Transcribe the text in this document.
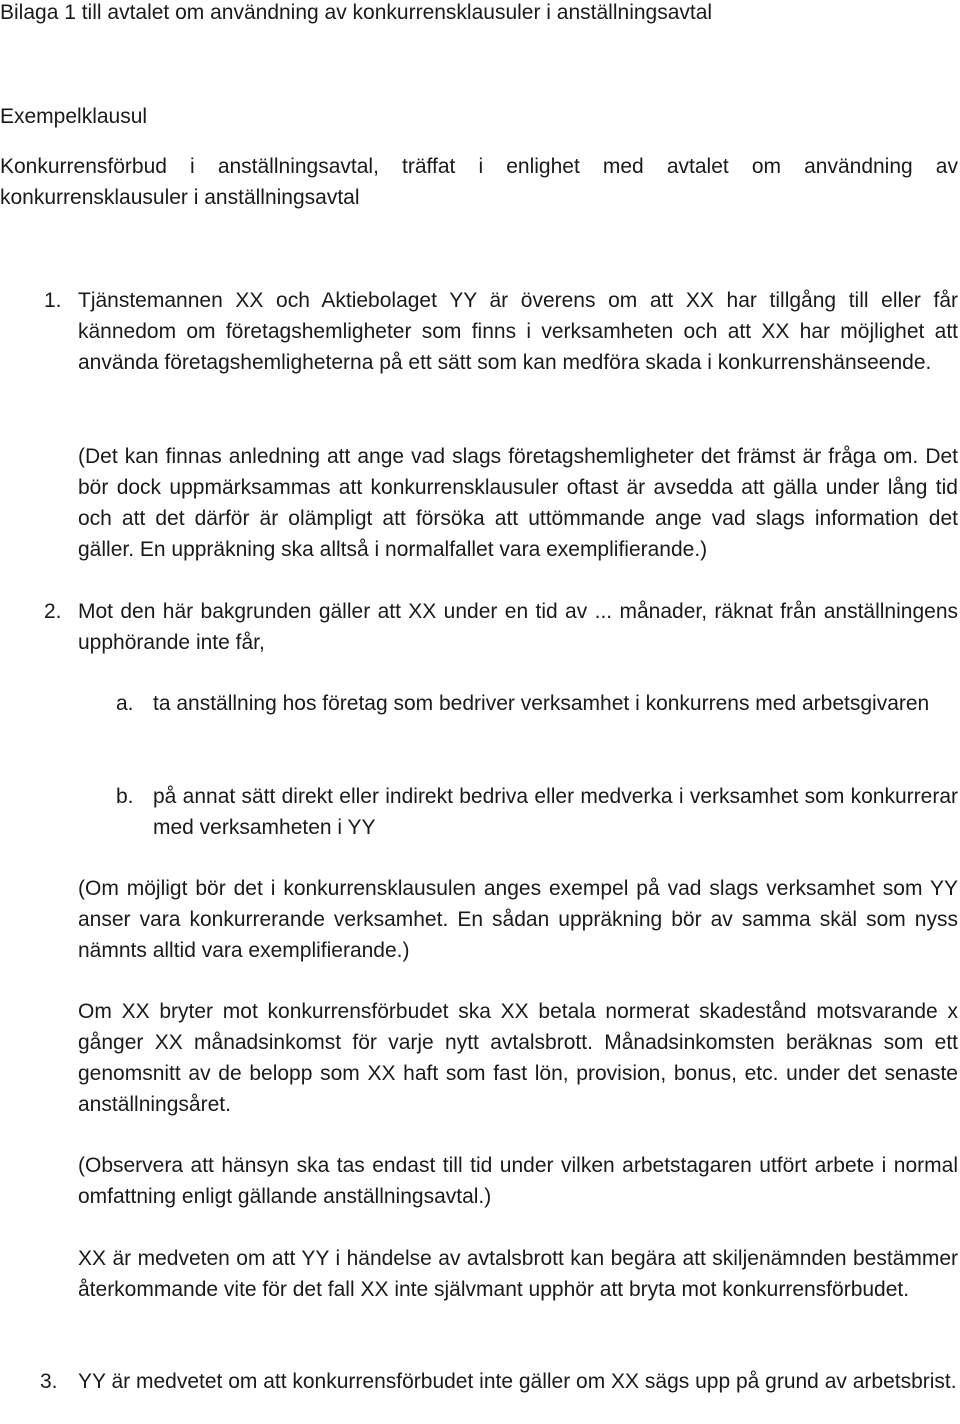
Bilaga 1 till avtalet om användning av konkurrensklausuler i anställningsavtal

Exempelklausul

Konkurrensförbud i anställningsavtal, träffat i enlighet med avtalet om användning av konkurrensklausuler i anställningsavtal

1. Tjänstemannen XX och Aktiebolaget YY är överens om att XX har tillgång till eller får kännedom om företagshemligheter som finns i verksamheten och att XX har möjlighet att använda företagshemligheterna på ett sätt som kan medföra skada i konkurrenshänseende.

(Det kan finnas anledning att ange vad slags företagshemligheter det främst är fråga om. Det bör dock uppmärksammas att konkurrensklausuler oftast är avsedda att gälla under lång tid och att det därför är olämpligt att försöka att uttömmande ange vad slags information det gäller. En uppräkning ska alltså i normalfallet vara exemplifierande.)

2. Mot den här bakgrunden gäller att XX under en tid av ... månader, räknat från anställningens upphörande inte får,

a. ta anställning hos företag som bedriver verksamhet i konkurrens med arbetsgivaren

b. på annat sätt direkt eller indirekt bedriva eller medverka i verksamhet som konkurrerar med verksamheten i YY

(Om möjligt bör det i konkurrensklausulen anges exempel på vad slags verksamhet som YY anser vara konkurrerande verksamhet. En sådan uppräkning bör av samma skäl som nyss nämnts alltid vara exemplifierande.)

Om XX bryter mot konkurrensförbudet ska XX betala normerat skadestånd motsvarande x gånger XX månadsinkomst för varje nytt avtalsbrott. Månadsinkomsten beräknas som ett genomsnitt av de belopp som XX haft som fast lön, provision, bonus, etc. under det senaste anställningsåret.

(Observera att hänsyn ska tas endast till tid under vilken arbetstagaren utfört arbete i normal omfattning enligt gällande anställningsavtal.)

XX är medveten om att YY i händelse av avtalsbrott kan begära att skiljenämnden bestämmer återkommande vite för det fall XX inte självmant upphör att bryta mot konkurrensförbudet.

3. YY är medvetet om att konkurrensförbudet inte gäller om XX sägs upp på grund av arbetsbrist.
